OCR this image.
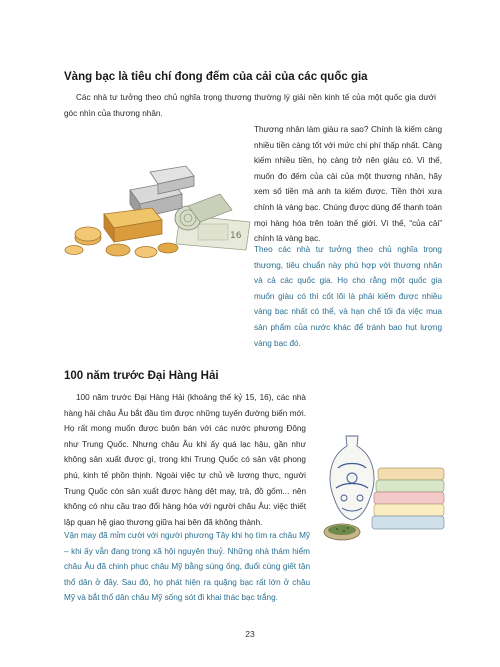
Vàng bạc là tiêu chí đong đếm của cải của các quốc gia

Các nhà tư tưởng theo chủ nghĩa trọng thương thường lý giải nền kinh tế của một quốc gia dưới góc nhìn của thương nhân.

Thương nhân làm giàu ra sao? Chính là kiếm càng nhiều tiền càng tốt với mức chi phí thấp nhất. Càng kiếm nhiều tiền, họ càng trở nên giàu có. Vì thế, muốn đo đếm của cải của một thương nhân, hãy xem số tiền mà anh ta kiếm được. Tiền thời xưa chính là vàng bạc. Chúng được dùng để thanh toán mọi hàng hóa trên toàn thế giới. Vì thế, “của cải” chính là vàng bạc.

16

Theo các nhà tư tưởng theo chủ nghĩa trọng thương, tiêu chuẩn này phù hợp với thương nhân và cả các quốc gia. Họ cho rằng một quốc gia muốn giàu có thì cốt lõi là phải kiếm được nhiều vàng bạc nhất có thể, và hạn chế tối đa việc mua sản phẩm của nước khác để tránh bao hụt lượng vàng bạc đó.

100 năm trước Đại Hàng Hải

100 năm trước Đại Hàng Hải (khoảng thế kỷ 15, 16), các nhà hàng hải châu Âu bắt đầu tìm được những tuyến đường biển mới. Họ rất mong muốn được buôn bán với các nước phương Đông như Trung Quốc. Nhưng châu Âu khi ấy quá lạc hậu, gần như không sản xuất được gì, trong khi Trung Quốc có sản vật phong phú, kinh tế phồn thịnh. Ngoài việc tự chủ về lương thực, người Trung Quốc còn sản xuất được hàng dệt may, trà, đồ gốm... nên không có nhu cầu trao đổi hàng hóa với người châu Âu: việc thiết lập quan hệ giao thương giữa hai bên đã không thành.

Vận may đã mỉm cười với người phương Tây khi họ tìm ra châu Mỹ – khi ấy vẫn đang trong xã hội nguyên thuỷ. Những nhà thám hiểm châu Âu đã chinh phục châu Mỹ bằng súng ống, đuổi cùng giết tận thổ dân ở đây. Sau đó, họ phát hiện ra quặng bạc rất lớn ở châu Mỹ và bắt thổ dân châu Mỹ sống sót đi khai thác bạc trắng.

23
